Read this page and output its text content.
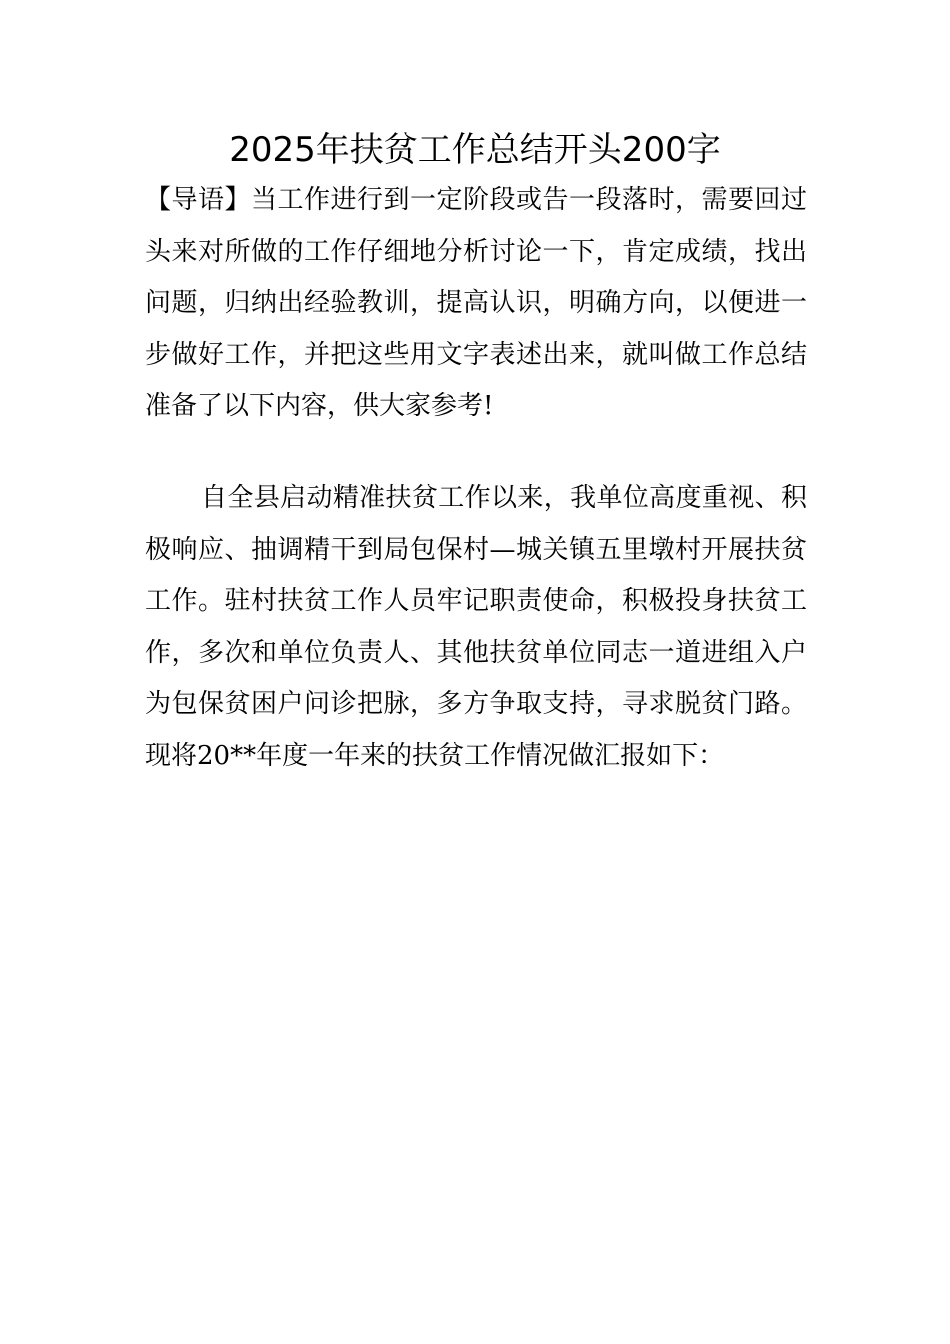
2025年扶贫工作总结开头200字

【导语】当工作进行到一定阶段或告一段落时，需要回过头来对所做的工作仔细地分析讨论一下，肯定成绩，找出问题，归纳出经验教训，提高认识，明确方向，以便进一步做好工作，并把这些用文字表述出来，就叫做工作总结准备了以下内容，供大家参考!

自全县启动精准扶贫工作以来，我单位高度重视、积极响应、抽调精干到局包保村—城关镇五里墩村开展扶贫工作。驻村扶贫工作人员牢记职责使命，积极投身扶贫工作，多次和单位负责人、其他扶贫单位同志一道进组入户为包保贫困户问诊把脉，多方争取支持，寻求脱贫门路。现将20**年度一年来的扶贫工作情况做汇报如下：
